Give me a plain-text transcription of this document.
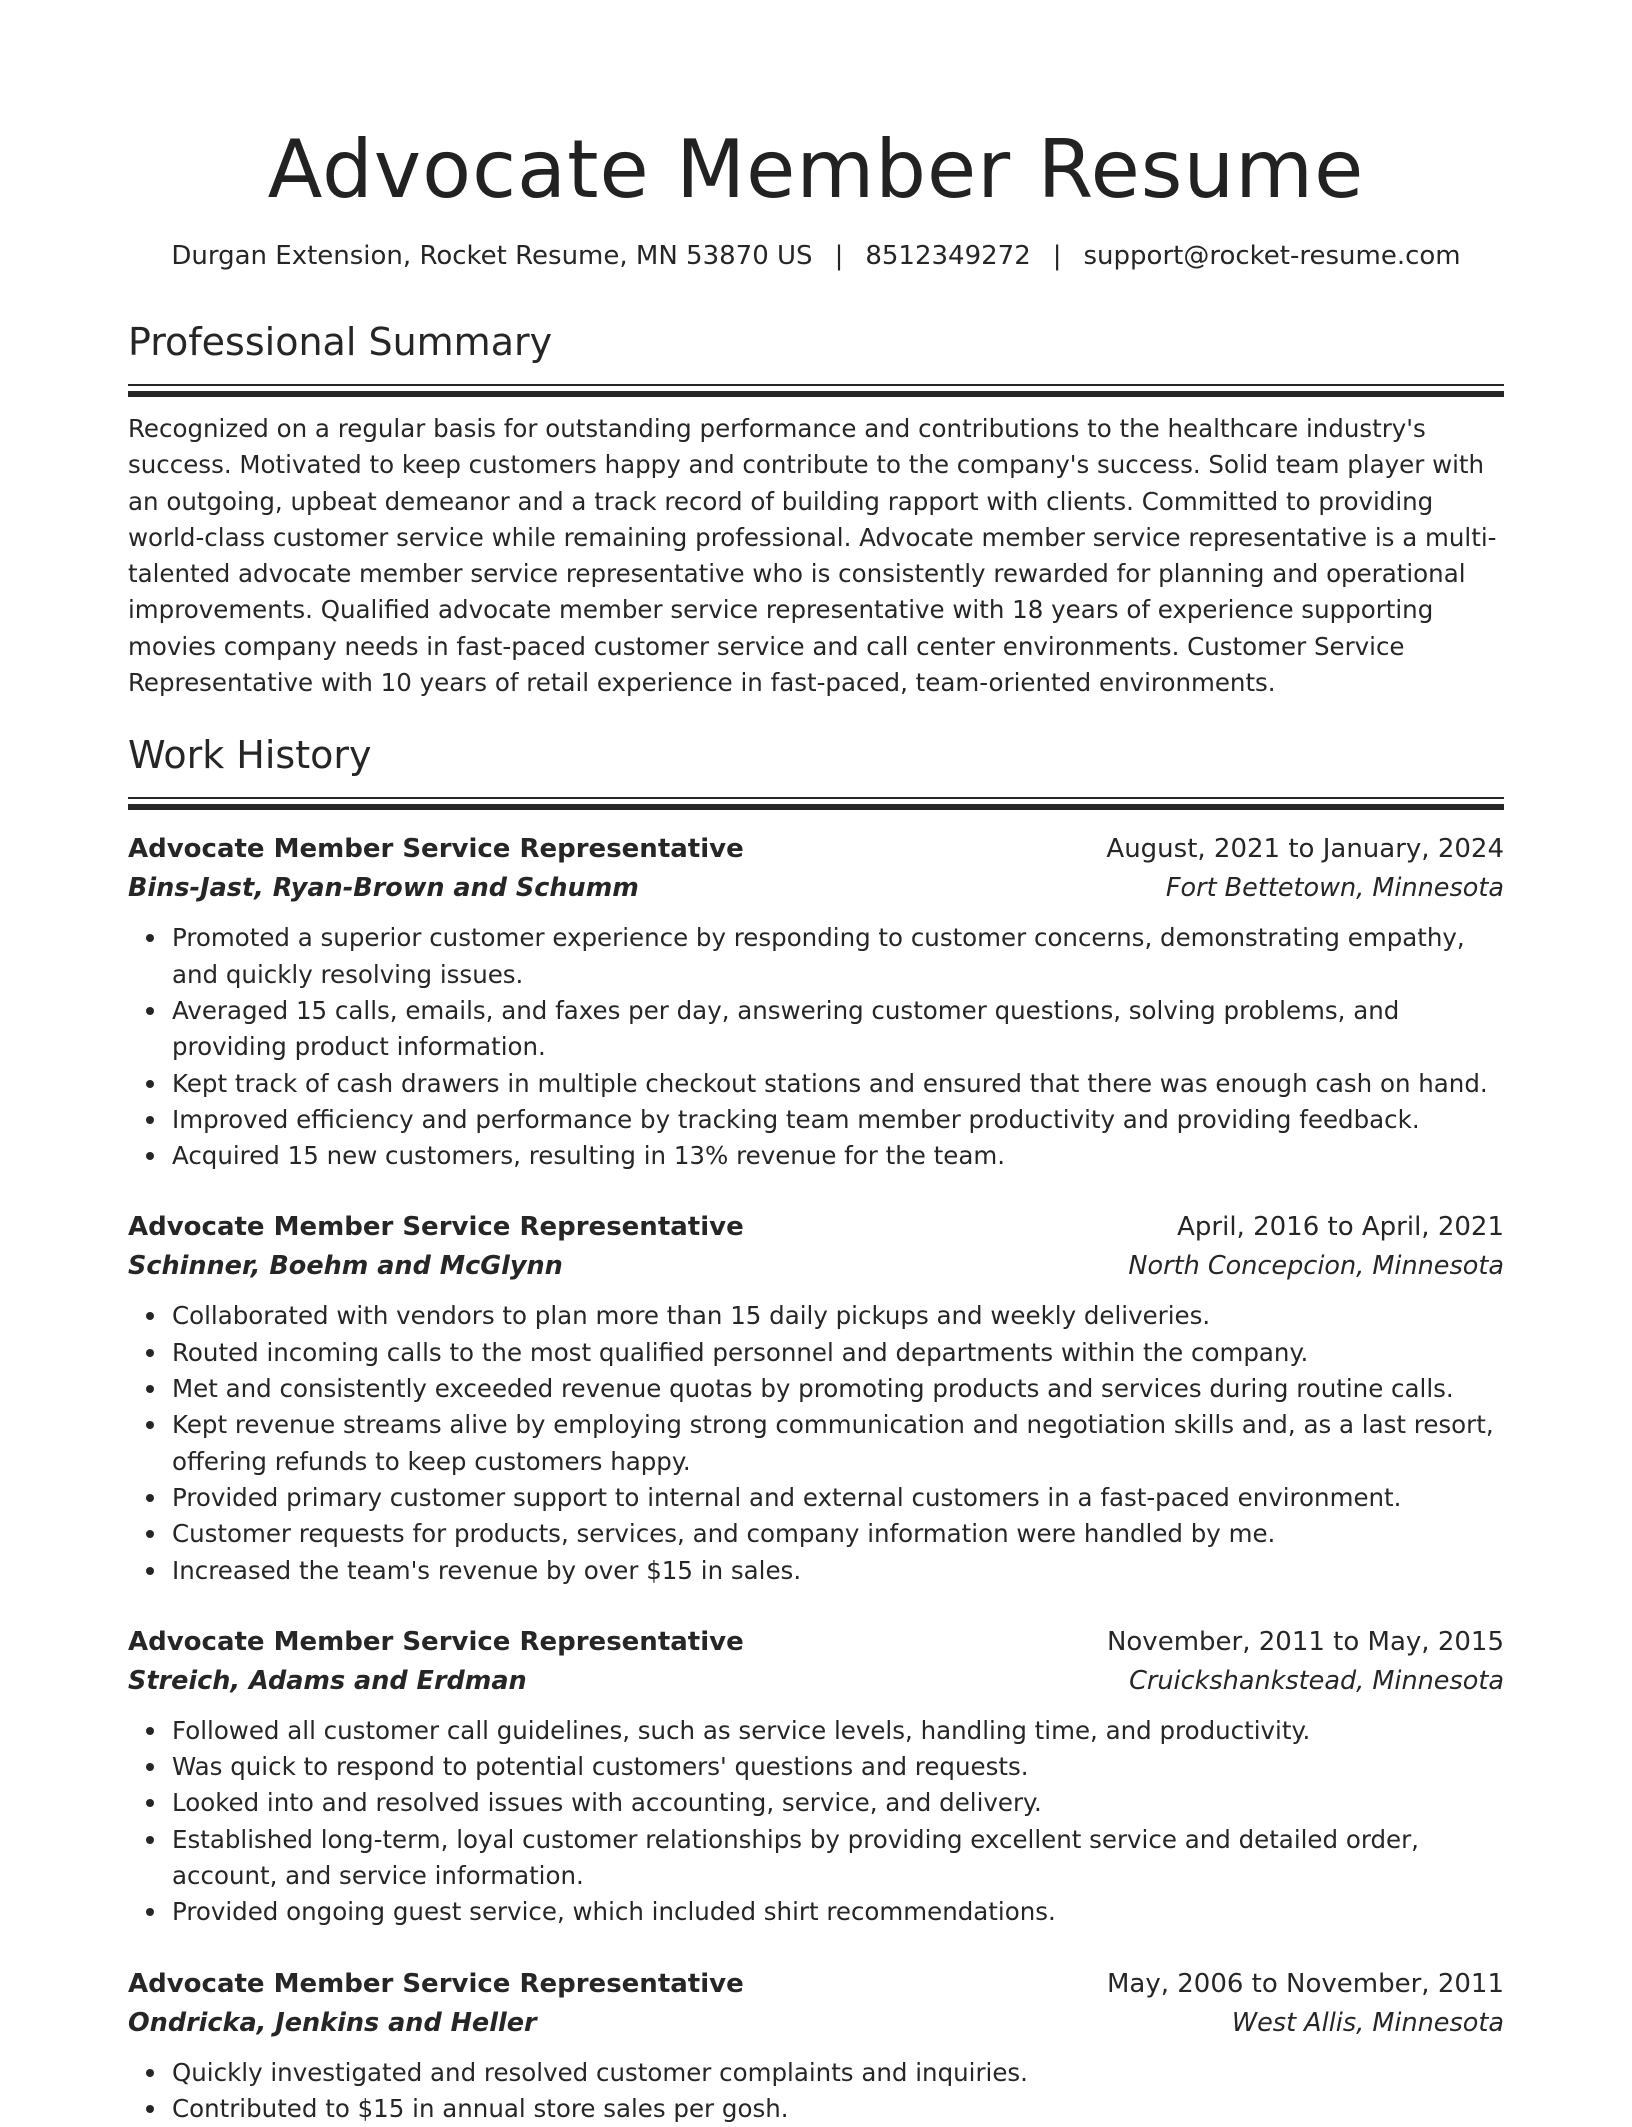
Advocate Member Resume
Durgan Extension, Rocket Resume, MN 53870 US | 8512349272 | support@rocket-resume.com
Professional Summary

Recognized on a regular basis for outstanding performance and contributions to the healthcare industry's success. Motivated to keep customers happy and contribute to the company's success. Solid team player with an outgoing, upbeat demeanor and a track record of building rapport with clients. Committed to providing world-class customer service while remaining professional. Advocate member service representative is a multi-talented advocate member service representative who is consistently rewarded for planning and operational improvements. Qualified advocate member service representative with 18 years of experience supporting movies company needs in fast-paced customer service and call center environments. Customer Service Representative with 10 years of retail experience in fast-paced, team-oriented environments.

Work History
Advocate Member Service Representative	August, 2021 to January, 2024
Bins-Jast, Ryan-Brown and Schumm	Fort Bettetown, Minnesota
Promoted a superior customer experience by responding to customer concerns, demonstrating empathy, and quickly resolving issues.
Averaged 15 calls, emails, and faxes per day, answering customer questions, solving problems, and providing product information.
Kept track of cash drawers in multiple checkout stations and ensured that there was enough cash on hand.
Improved efficiency and performance by tracking team member productivity and providing feedback.
Acquired 15 new customers, resulting in 13% revenue for the team.
Advocate Member Service Representative	April, 2016 to April, 2021
Schinner, Boehm and McGlynn	North Concepcion, Minnesota
Collaborated with vendors to plan more than 15 daily pickups and weekly deliveries.
Routed incoming calls to the most qualified personnel and departments within the company.
Met and consistently exceeded revenue quotas by promoting products and services during routine calls.
Kept revenue streams alive by employing strong communication and negotiation skills and, as a last resort, offering refunds to keep customers happy.
Provided primary customer support to internal and external customers in a fast-paced environment.
Customer requests for products, services, and company information were handled by me.
Increased the team's revenue by over $15 in sales.
Advocate Member Service Representative	November, 2011 to May, 2015
Streich, Adams and Erdman	Cruickshankstead, Minnesota
Followed all customer call guidelines, such as service levels, handling time, and productivity.
Was quick to respond to potential customers' questions and requests.
Looked into and resolved issues with accounting, service, and delivery.
Established long-term, loyal customer relationships by providing excellent service and detailed order, account, and service information.
Provided ongoing guest service, which included shirt recommendations.
Advocate Member Service Representative	May, 2006 to November, 2011
Ondricka, Jenkins and Heller	West Allis, Minnesota
Quickly investigated and resolved customer complaints and inquiries.
Contributed to $15 in annual store sales per gosh.
